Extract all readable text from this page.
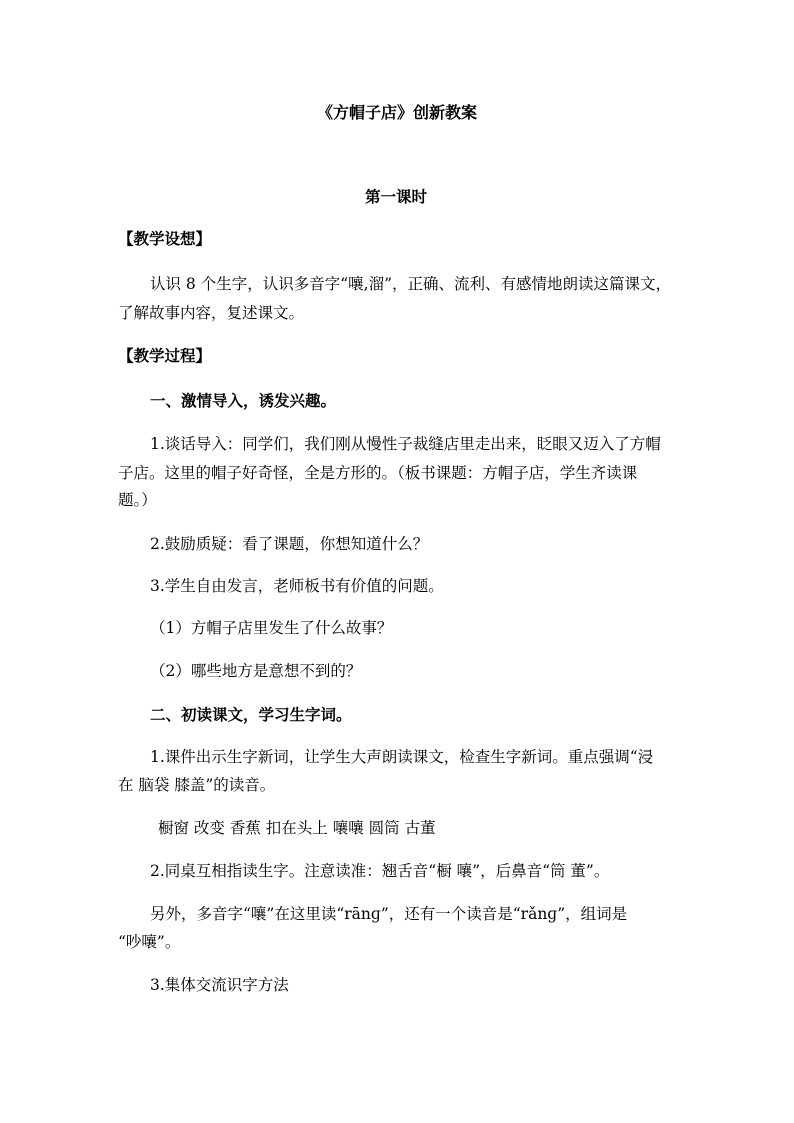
《方帽子店》创新教案
第一课时
【教学设想】
认识 8 个生字，认识多音字“嚷,溜”，正确、流利、有感情地朗读这篇课文，
了解故事内容，复述课文。
【教学过程】
一、激情导入，诱发兴趣。
1.谈话导入：同学们，我们刚从慢性子裁缝店里走出来，眨眼又迈入了方帽
子店。这里的帽子好奇怪，全是方形的。（板书课题：方帽子店，学生齐读课
题。）
2.鼓励质疑：看了课题，你想知道什么？
3.学生自由发言，老师板书有价值的问题。
（1）方帽子店里发生了什么故事？
（2）哪些地方是意想不到的？
二、初读课文，学习生字词。
1.课件出示生字新词，让学生大声朗读课文，检查生字新词。重点强调“浸
在 脑袋 膝盖”的读音。
橱窗 改变 香蕉 扣在头上 嚷嚷 圆筒 古董
2.同桌互相指读生字。注意读准：翘舌音“橱 嚷”，后鼻音“筒 董”。
另外，多音字“嚷”在这里读“rānɡ”，还有一个读音是“rǎnɡ”，组词是
“吵嚷”。
3.集体交流识字方法
